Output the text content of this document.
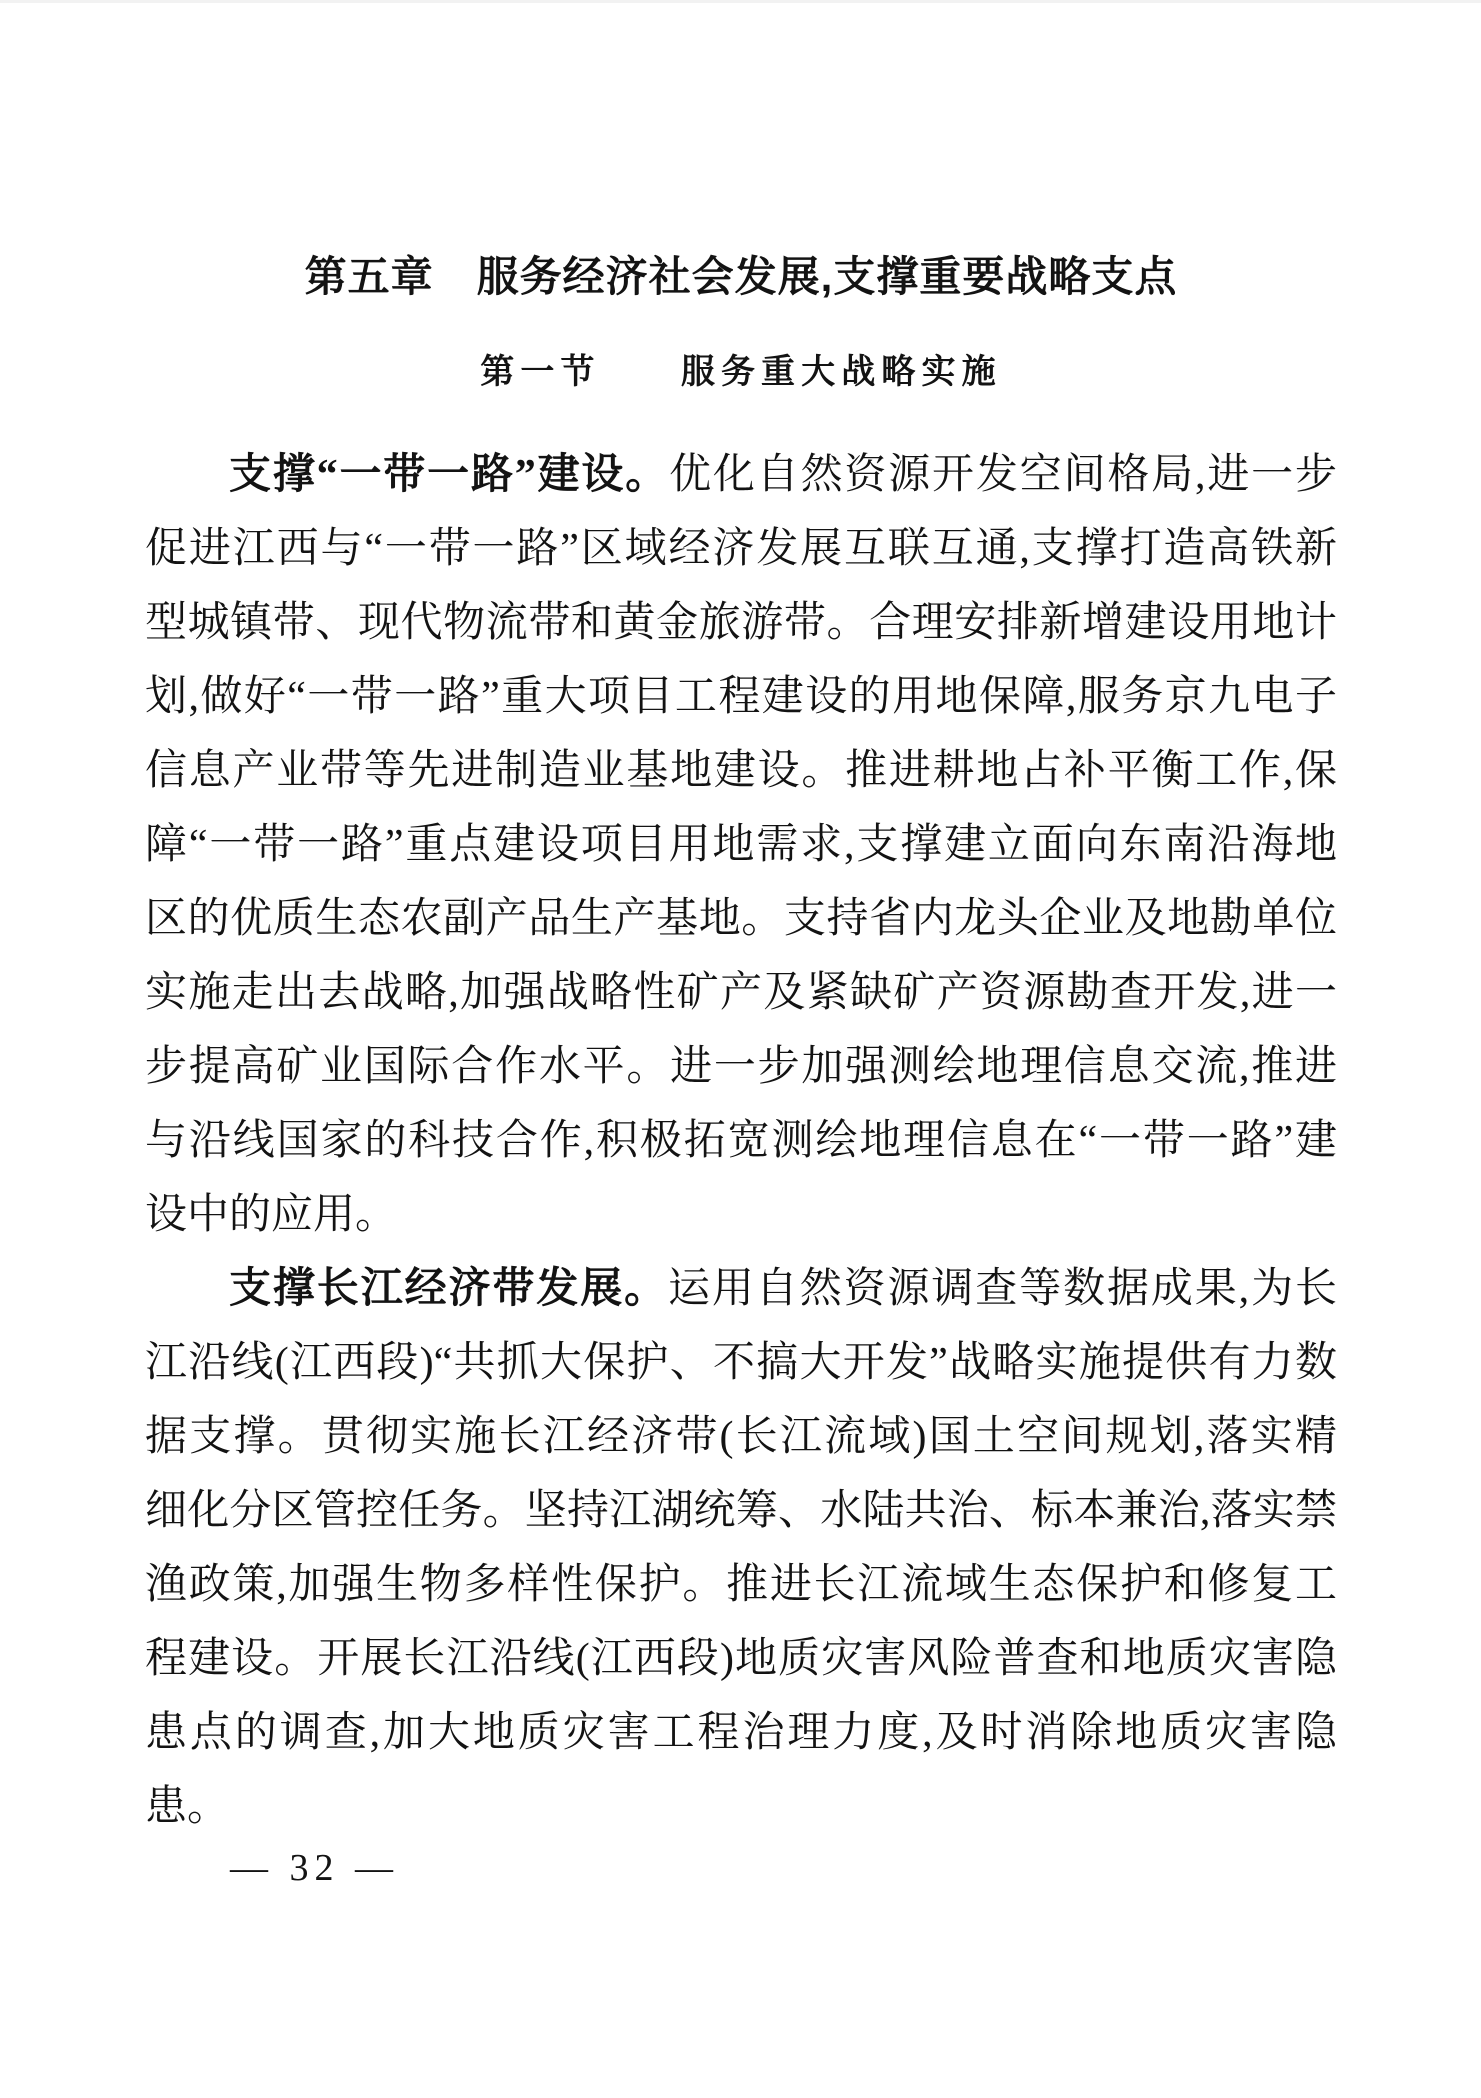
第五章　服务经济社会发展,支撑重要战略支点
第一节　　服务重大战略实施
支撑“一带一路”建设。优化自然资源开发空间格局,进一步
促进江西与“一带一路”区域经济发展互联互通,支撑打造高铁新
型城镇带、现代物流带和黄金旅游带。合理安排新增建设用地计
划,做好“一带一路”重大项目工程建设的用地保障,服务京九电子
信息产业带等先进制造业基地建设。推进耕地占补平衡工作,保
障“一带一路”重点建设项目用地需求,支撑建立面向东南沿海地
区的优质生态农副产品生产基地。支持省内龙头企业及地勘单位
实施走出去战略,加强战略性矿产及紧缺矿产资源勘查开发,进一
步提高矿业国际合作水平。进一步加强测绘地理信息交流,推进
与沿线国家的科技合作,积极拓宽测绘地理信息在“一带一路”建
设中的应用。
支撑长江经济带发展。运用自然资源调查等数据成果,为长
江沿线(江西段)“共抓大保护、不搞大开发”战略实施提供有力数
据支撑。贯彻实施长江经济带(长江流域)国土空间规划,落实精
细化分区管控任务。坚持江湖统筹、水陆共治、标本兼治,落实禁
渔政策,加强生物多样性保护。推进长江流域生态保护和修复工
程建设。开展长江沿线(江西段)地质灾害风险普查和地质灾害隐
患点的调查,加大地质灾害工程治理力度,及时消除地质灾害隐
患。
— 32 —
